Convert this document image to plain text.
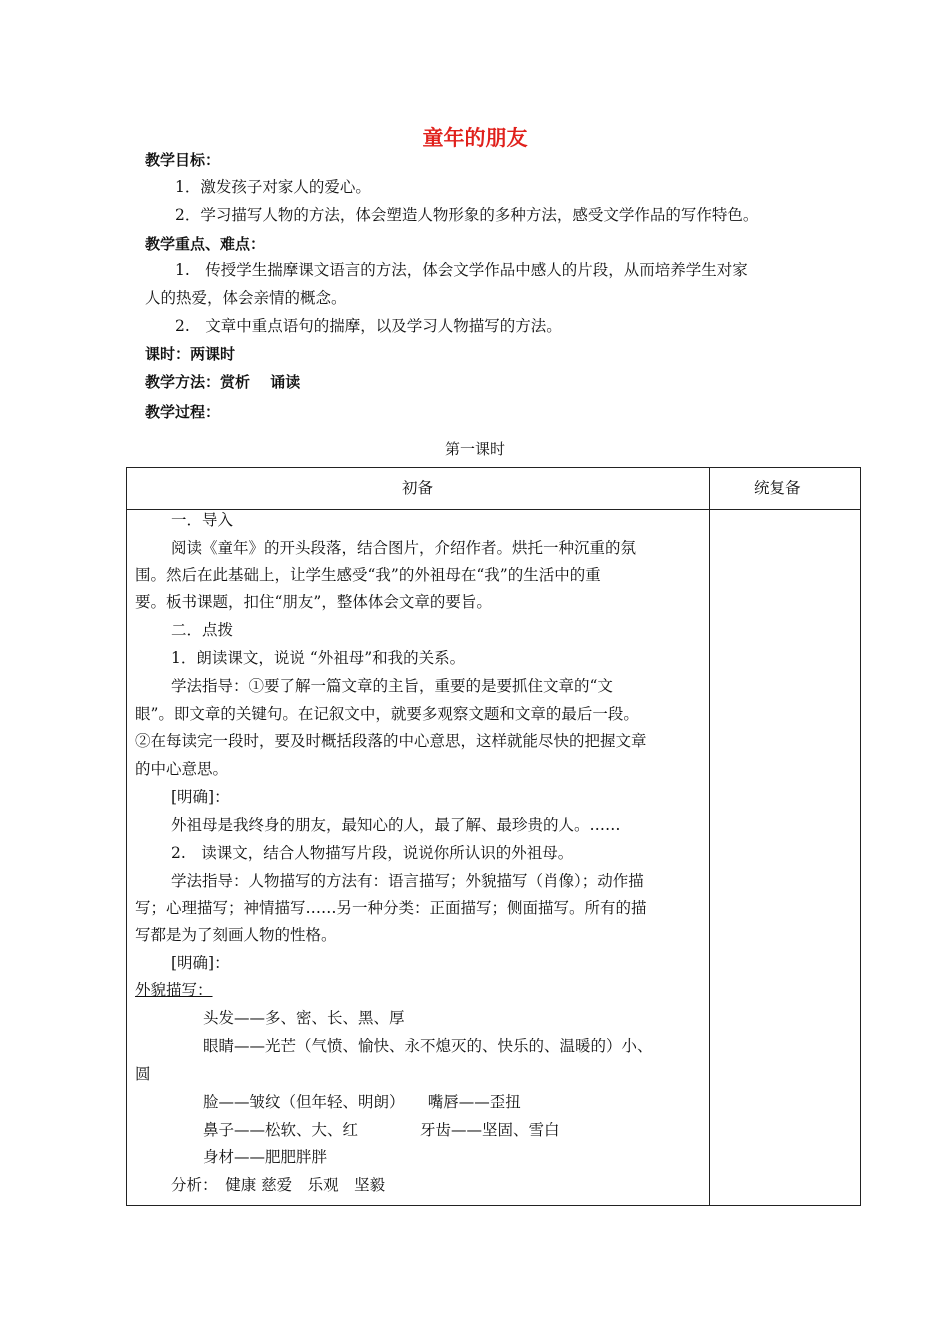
童年的朋友
教学目标：
1．激发孩子对家人的爱心。
2．学习描写人物的方法，体会塑造人物形象的多种方法，感受文学作品的写作特色。
教学重点、难点：
1.　传授学生揣摩课文语言的方法，体会文学作品中感人的片段，从而培养学生对家
人的热爱，体会亲情的概念。
2.　文章中重点语句的揣摩，以及学习人物描写的方法。
课时：两课时
教学方法：赏析　 诵读
教学过程：
第一课时
初备	统复备
一．导入
阅读《童年》的开头段落，结合图片，介绍作者。烘托一种沉重的氛
围。然后在此基础上，让学生感受“我”的外祖母在“我”的生活中的重
要。板书课题，扣住“朋友”，整体体会文章的要旨。
二．点拨
1．朗读课文，说说 “外祖母”和我的关系。
学法指导：①要了解一篇文章的主旨，重要的是要抓住文章的“文
眼”。即文章的关键句。在记叙文中，就要多观察文题和文章的最后一段。
②在每读完一段时，要及时概括段落的中心意思，这样就能尽快的把握文章
的中心意思。
[明确]：
外祖母是我终身的朋友，最知心的人，最了解、最珍贵的人。……
2.　读课文，结合人物描写片段，说说你所认识的外祖母。
学法指导：人物描写的方法有：语言描写；外貌描写（肖像）；动作描
写；心理描写；神情描写……另一种分类：正面描写；侧面描写。所有的描
写都是为了刻画人物的性格。
[明确]：
外貌描写：
头发——多、密、长、黑、厚
眼睛——光芒（气愤、愉快、永不熄灭的、快乐的、温暖的）小、
圆
脸——皱纹（但年轻、明朗）　　嘴唇——歪扭
鼻子——松软、大、红　　　　牙齿——坚固、雪白
身材——肥肥胖胖
分析：　健康 慈爱　乐观　坚毅
